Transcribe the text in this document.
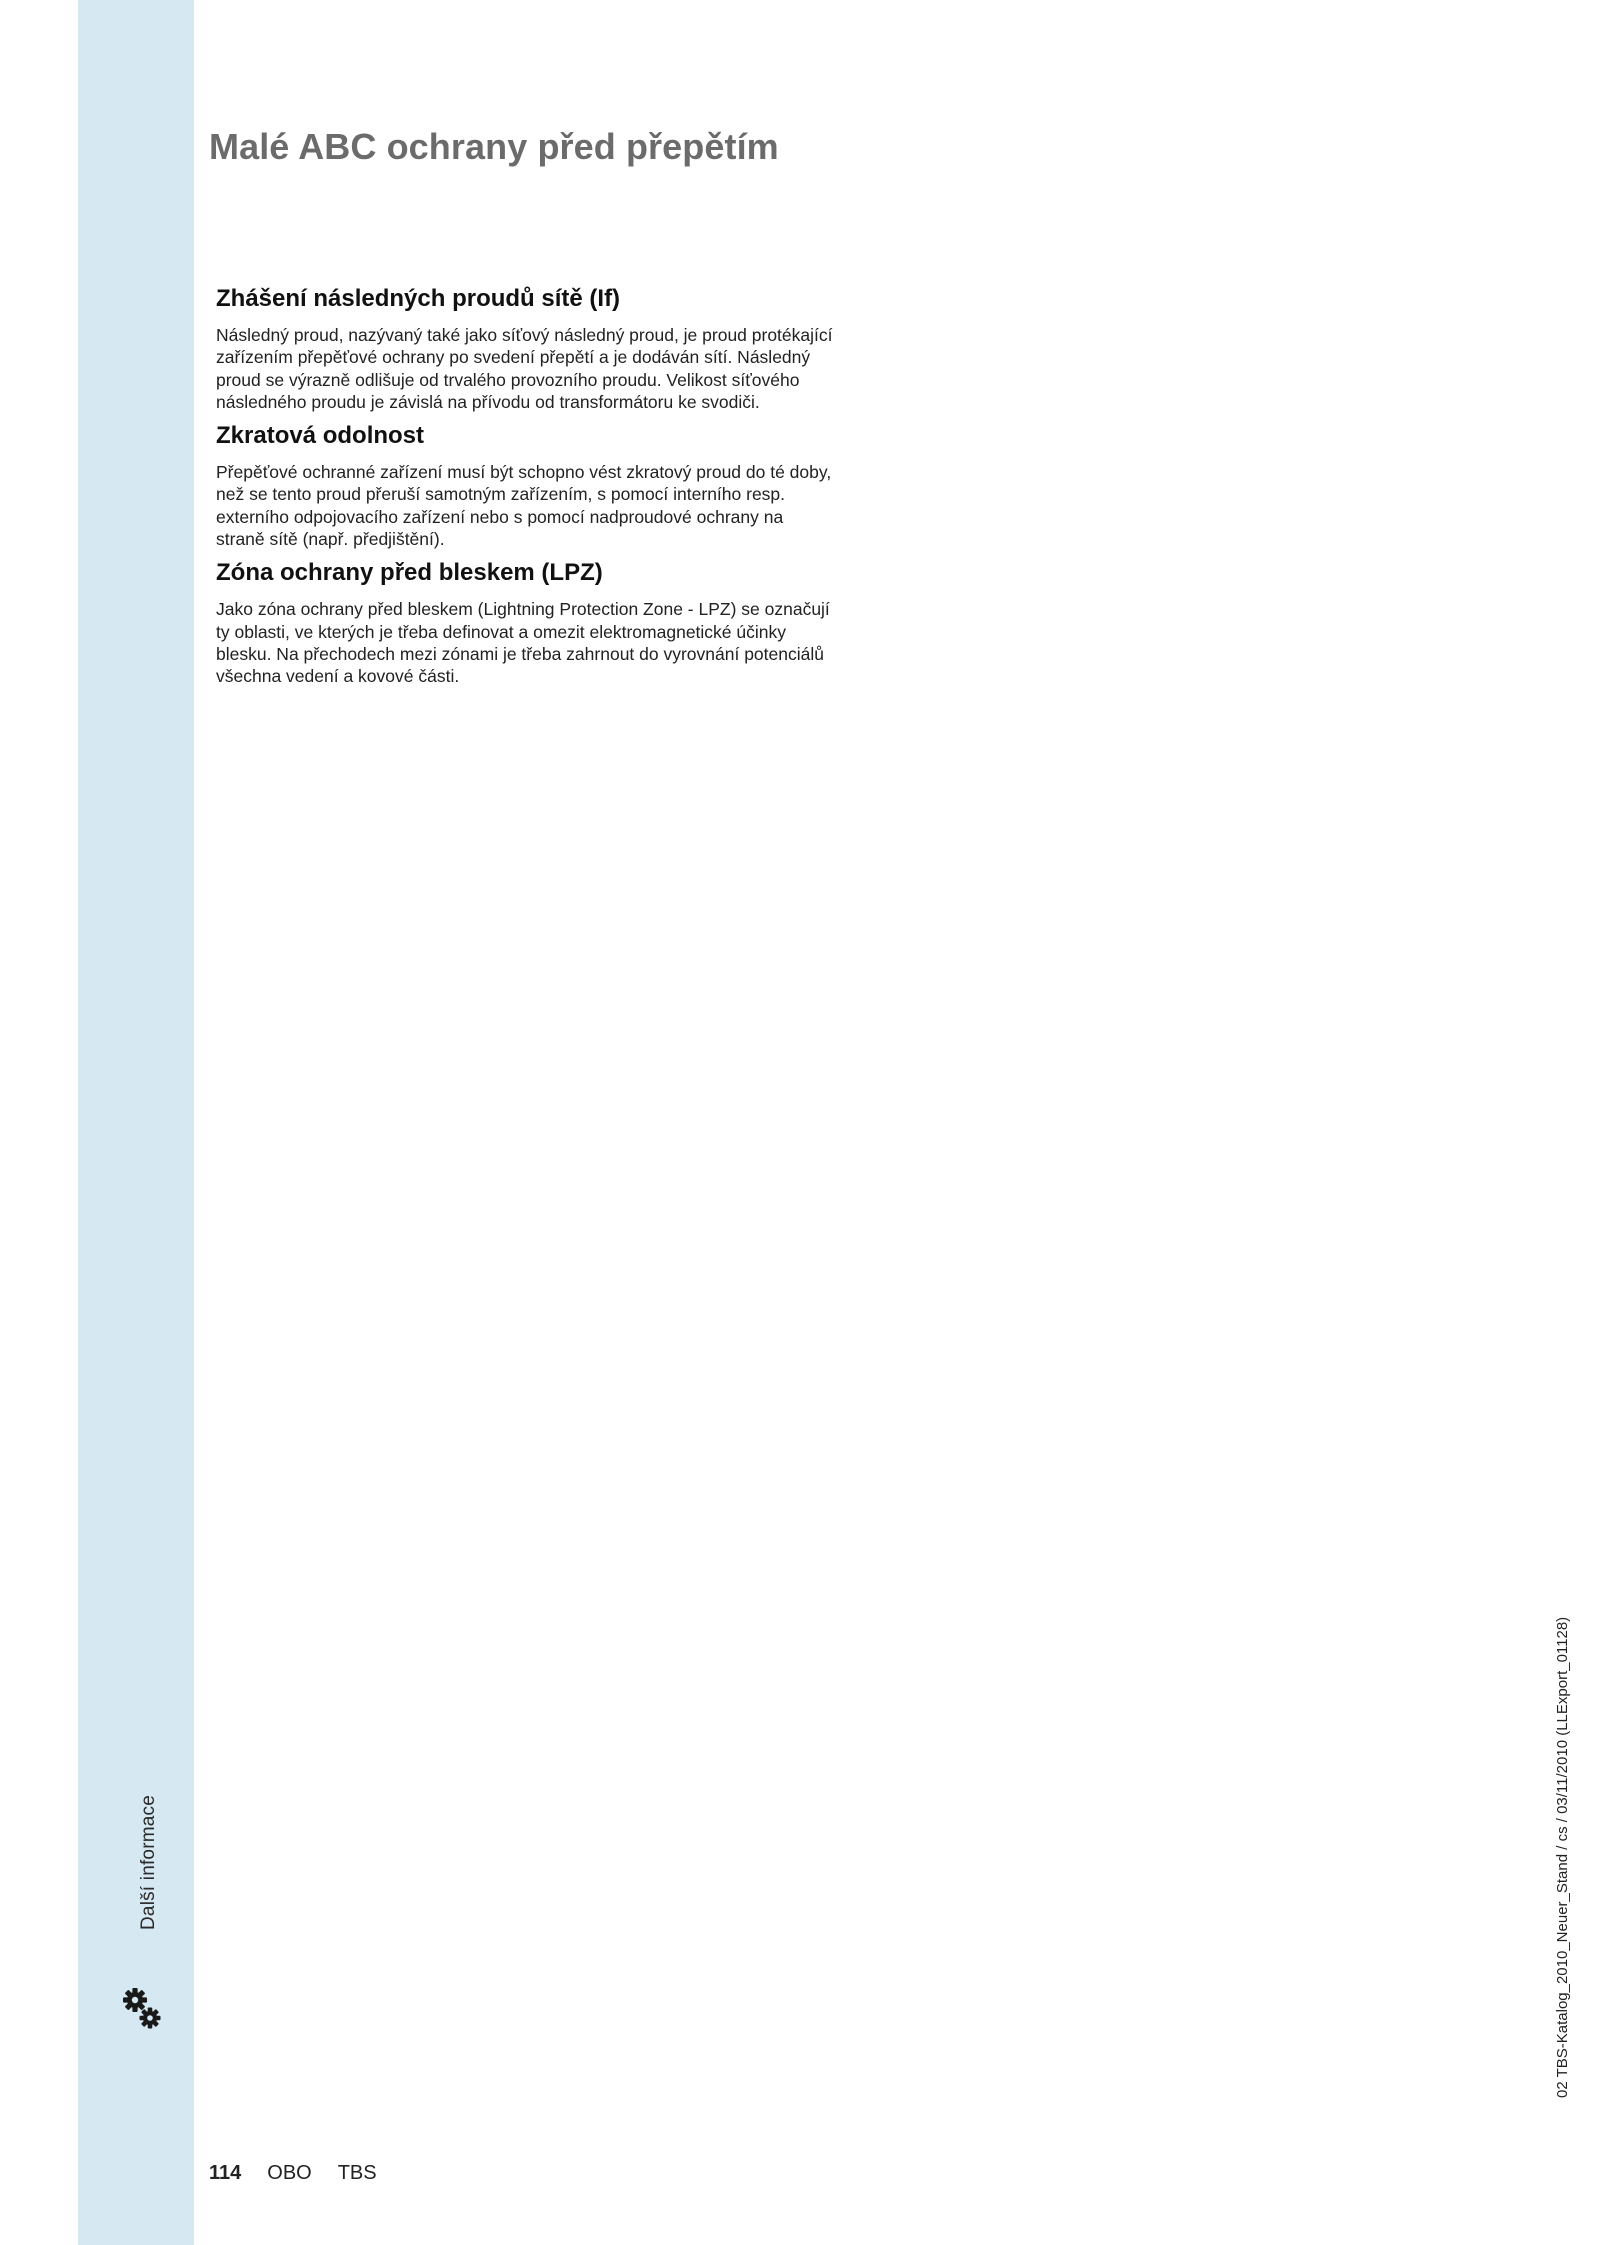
Další informace
Malé ABC ochrany před přepětím
Zhášení následných proudů sítě (If)

Následný proud, nazývaný také jako síťový následný proud, je proud protékající zařízením přepěťové ochrany po svedení přepětí a je dodáván sítí. Následný proud se výrazně odlišuje od trvalého provozního proudu. Velikost síťového následného proudu je závislá na přívodu od transformátoru ke svodiči.

Zkratová odolnost

Přepěťové ochranné zařízení musí být schopno vést zkratový proud do té doby, než se tento proud přeruší samotným zařízením, s pomocí interního resp. externího odpojovacího zařízení nebo s pomocí nadproudové ochrany na straně sítě (např. předjištění).

Zóna ochrany před bleskem (LPZ)

Jako zóna ochrany před bleskem (Lightning Protection Zone - LPZ) se označují ty oblasti, ve kterých je třeba definovat a omezit elektromagnetické účinky blesku. Na přechodech mezi zónami je třeba zahrnout do vyrovnání potenciálů všechna vedení a kovové části.

114 OBO TBS
02 TBS-Katalog_2010_Neuer_Stand / cs / 03/11/2010 (LLExport_01128)
